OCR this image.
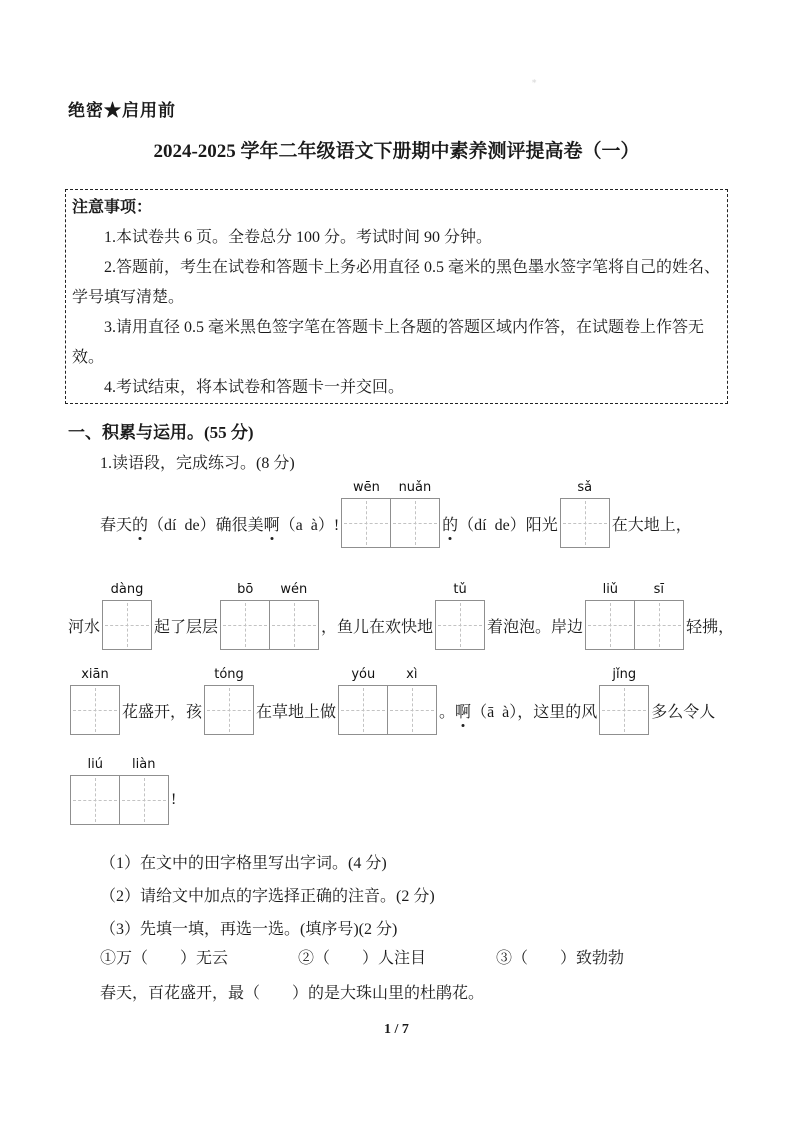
∗
绝密★启用前
2024-2025 学年二年级语文下册期中素养测评提高卷（一）

注意事项：

1.本试卷共 6 页。全卷总分 100 分。考试时间 90 分钟。

2.答题前，考生在试卷和答题卡上务必用直径 0.5 毫米的黑色墨水签字笔将自己的姓名、学号填写清楚。

3.请用直径 0.5 毫米黑色签字笔在答题卡上各题的答题区域内作答，在试题卷上作答无效。

4.考试结束，将本试卷和答题卡一并交回。

一、积累与运用。(55 分)
1.读语段，完成练习。(8 分)
春天 的 （dí  de）确很美 啊 （a  à）!
wēn	nuǎn
的 （dí  de）阳光
sǎ
在大地上，
河水
dàng
起了层层
bō	wén
，鱼儿在欢快地
tǔ
着泡泡。岸边
liǔ	sī
轻拂，
xiān
花盛开，孩
tóng
在草地上做
yóu	xì
。 啊 （ā  à），这里的风
jǐng
多么令人
liú	liàn
!

（1）在文中的田字格里写出字词。(4 分)

（2）请给文中加点的字选择正确的注音。(2 分)

（3）先填一填，再选一选。(填序号)(2 分)

①万（　　）无云	②（　　）人注目	③（　　）致勃勃
春天，百花盛开，最（　　）的是大珠山里的杜鹃花。
1 / 7
